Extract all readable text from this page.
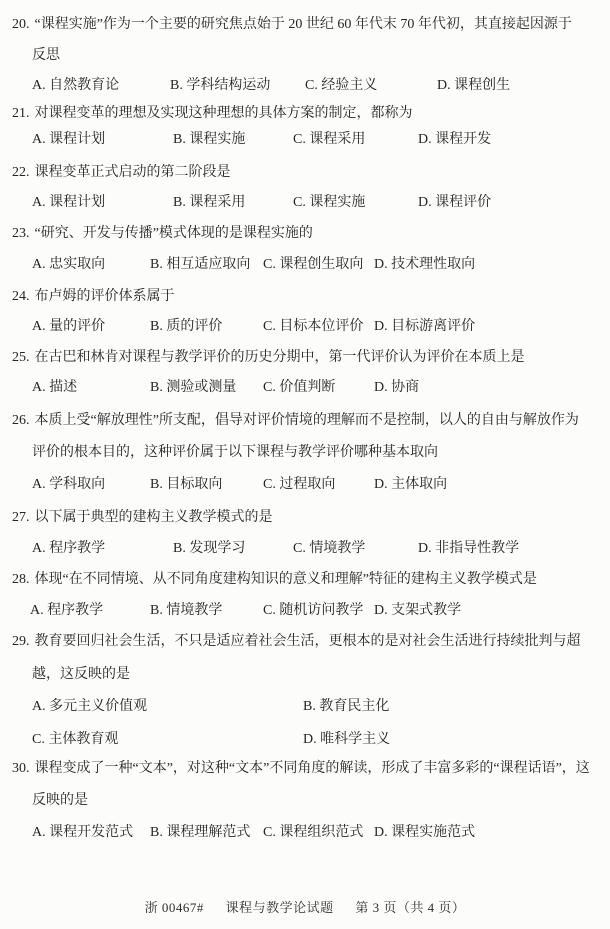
20. “课程实施”作为一个主要的研究焦点始于 20 世纪 60 年代末 70 年代初，其直接起因源于
反思
A. 自然教育论	B. 学科结构运动 C. 经验主义	D. 课程创生
21. 对课程变革的理想及实现这种理想的具体方案的制定，都称为
A. 课程计划	B. 课程实施	C. 课程采用	D. 课程开发
22. 课程变革正式启动的第二阶段是
A. 课程计划	B. 课程采用	C. 课程实施	D. 课程评价
23. “研究、开发与传播”模式体现的是课程实施的
A. 忠实取向	B. 相互适应取向 C. 课程创生取向 D. 技术理性取向
24. 布卢姆的评价体系属于
A. 量的评价	B. 质的评价	C. 目标本位评价 D. 目标游离评价
25. 在古巴和林肯对课程与教学评价的历史分期中，第一代评价认为评价在本质上是
A. 描述	B. 测验或测量 C. 价值判断	D. 协商
26. 本质上受“解放理性”所支配，倡导对评价情境的理解而不是控制，以人的自由与解放作为
评价的根本目的，这种评价属于以下课程与教学评价哪种基本取向
A. 学科取向	B. 目标取向	C. 过程取向	D. 主体取向
27. 以下属于典型的建构主义教学模式的是
A. 程序教学	B. 发现学习	C. 情境教学	D. 非指导性教学
28. 体现“在不同情境、从不同角度建构知识的意义和理解”特征的建构主义教学模式是
A. 程序教学	B. 情境教学	C. 随机访问教学 D. 支架式教学
29. 教育要回归社会生活，不只是适应着社会生活，更根本的是对社会生活进行持续批判与超
越，这反映的是
A. 多元主义价值观	B. 教育民主化
C. 主体教育观	D. 唯科学主义
30. 课程变成了一种“文本”，对这种“文本”不同角度的解读，形成了丰富多彩的“课程话语”，这
反映的是
A. 课程开发范式 B. 课程理解范式 C. 课程组织范式 D. 课程实施范式
浙 00467# 课程与教学论试题 第 3 页（共 4 页）
